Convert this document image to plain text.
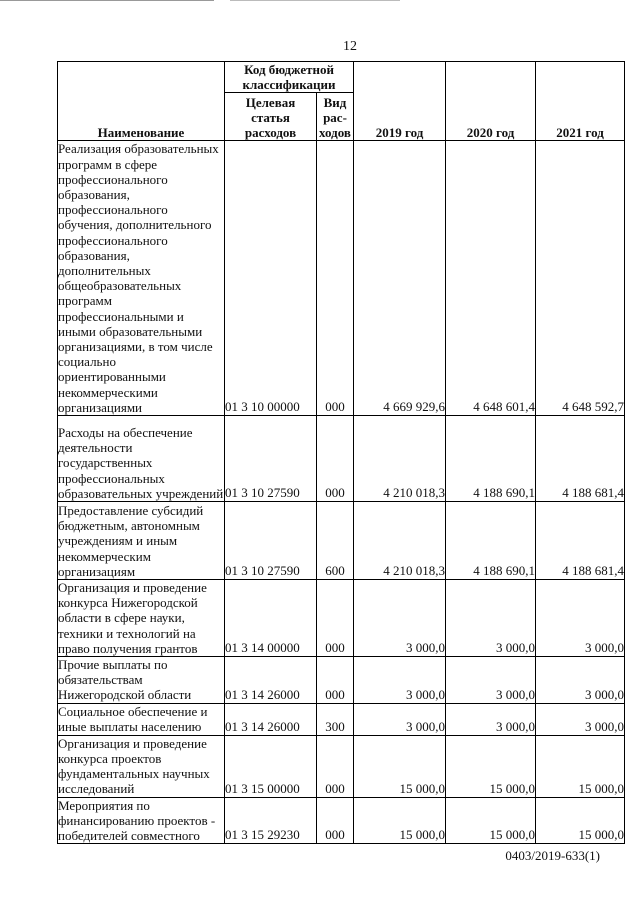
12
Наименование	Код бюджетной классификации		2019 год	2020 год	2021 год
	Целевая статья расходов	Вид рас- ходов			
Реализация образовательных программ в сфере профессионального образования, профессионального обучения, дополнительного профессионального образования, дополнительных общеобразовательных программ профессиональными и иными образовательными организациями, в том числе социально ориентированными некоммерческими организациями	01 3 10 00000	000	4 669 929,6	4 648 601,4	4 648 592,7
Расходы на обеспечение деятельности государственных профессиональных образовательных учреждений	01 3 10 27590	000	4 210 018,3	4 188 690,1	4 188 681,4
Предоставление субсидий бюджетным, автономным учреждениям и иным некоммерческим организациям	01 3 10 27590	600	4 210 018,3	4 188 690,1	4 188 681,4
Организация и проведение конкурса Нижегородской области в сфере науки, техники и технологий на право получения грантов	01 3 14 00000	000	3 000,0	3 000,0	3 000,0
Прочие выплаты по обязательствам Нижегородской области	01 3 14 26000	000	3 000,0	3 000,0	3 000,0
Социальное обеспечение и иные выплаты населению	01 3 14 26000	300	3 000,0	3 000,0	3 000,0
Организация и проведение конкурса проектов фундаментальных научных исследований	01 3 15 00000	000	15 000,0	15 000,0	15 000,0
Мероприятия по финансированию проектов - победителей совместного	01 3 15 29230	000	15 000,0	15 000,0	15 000,0
0403/2019-633(1)
